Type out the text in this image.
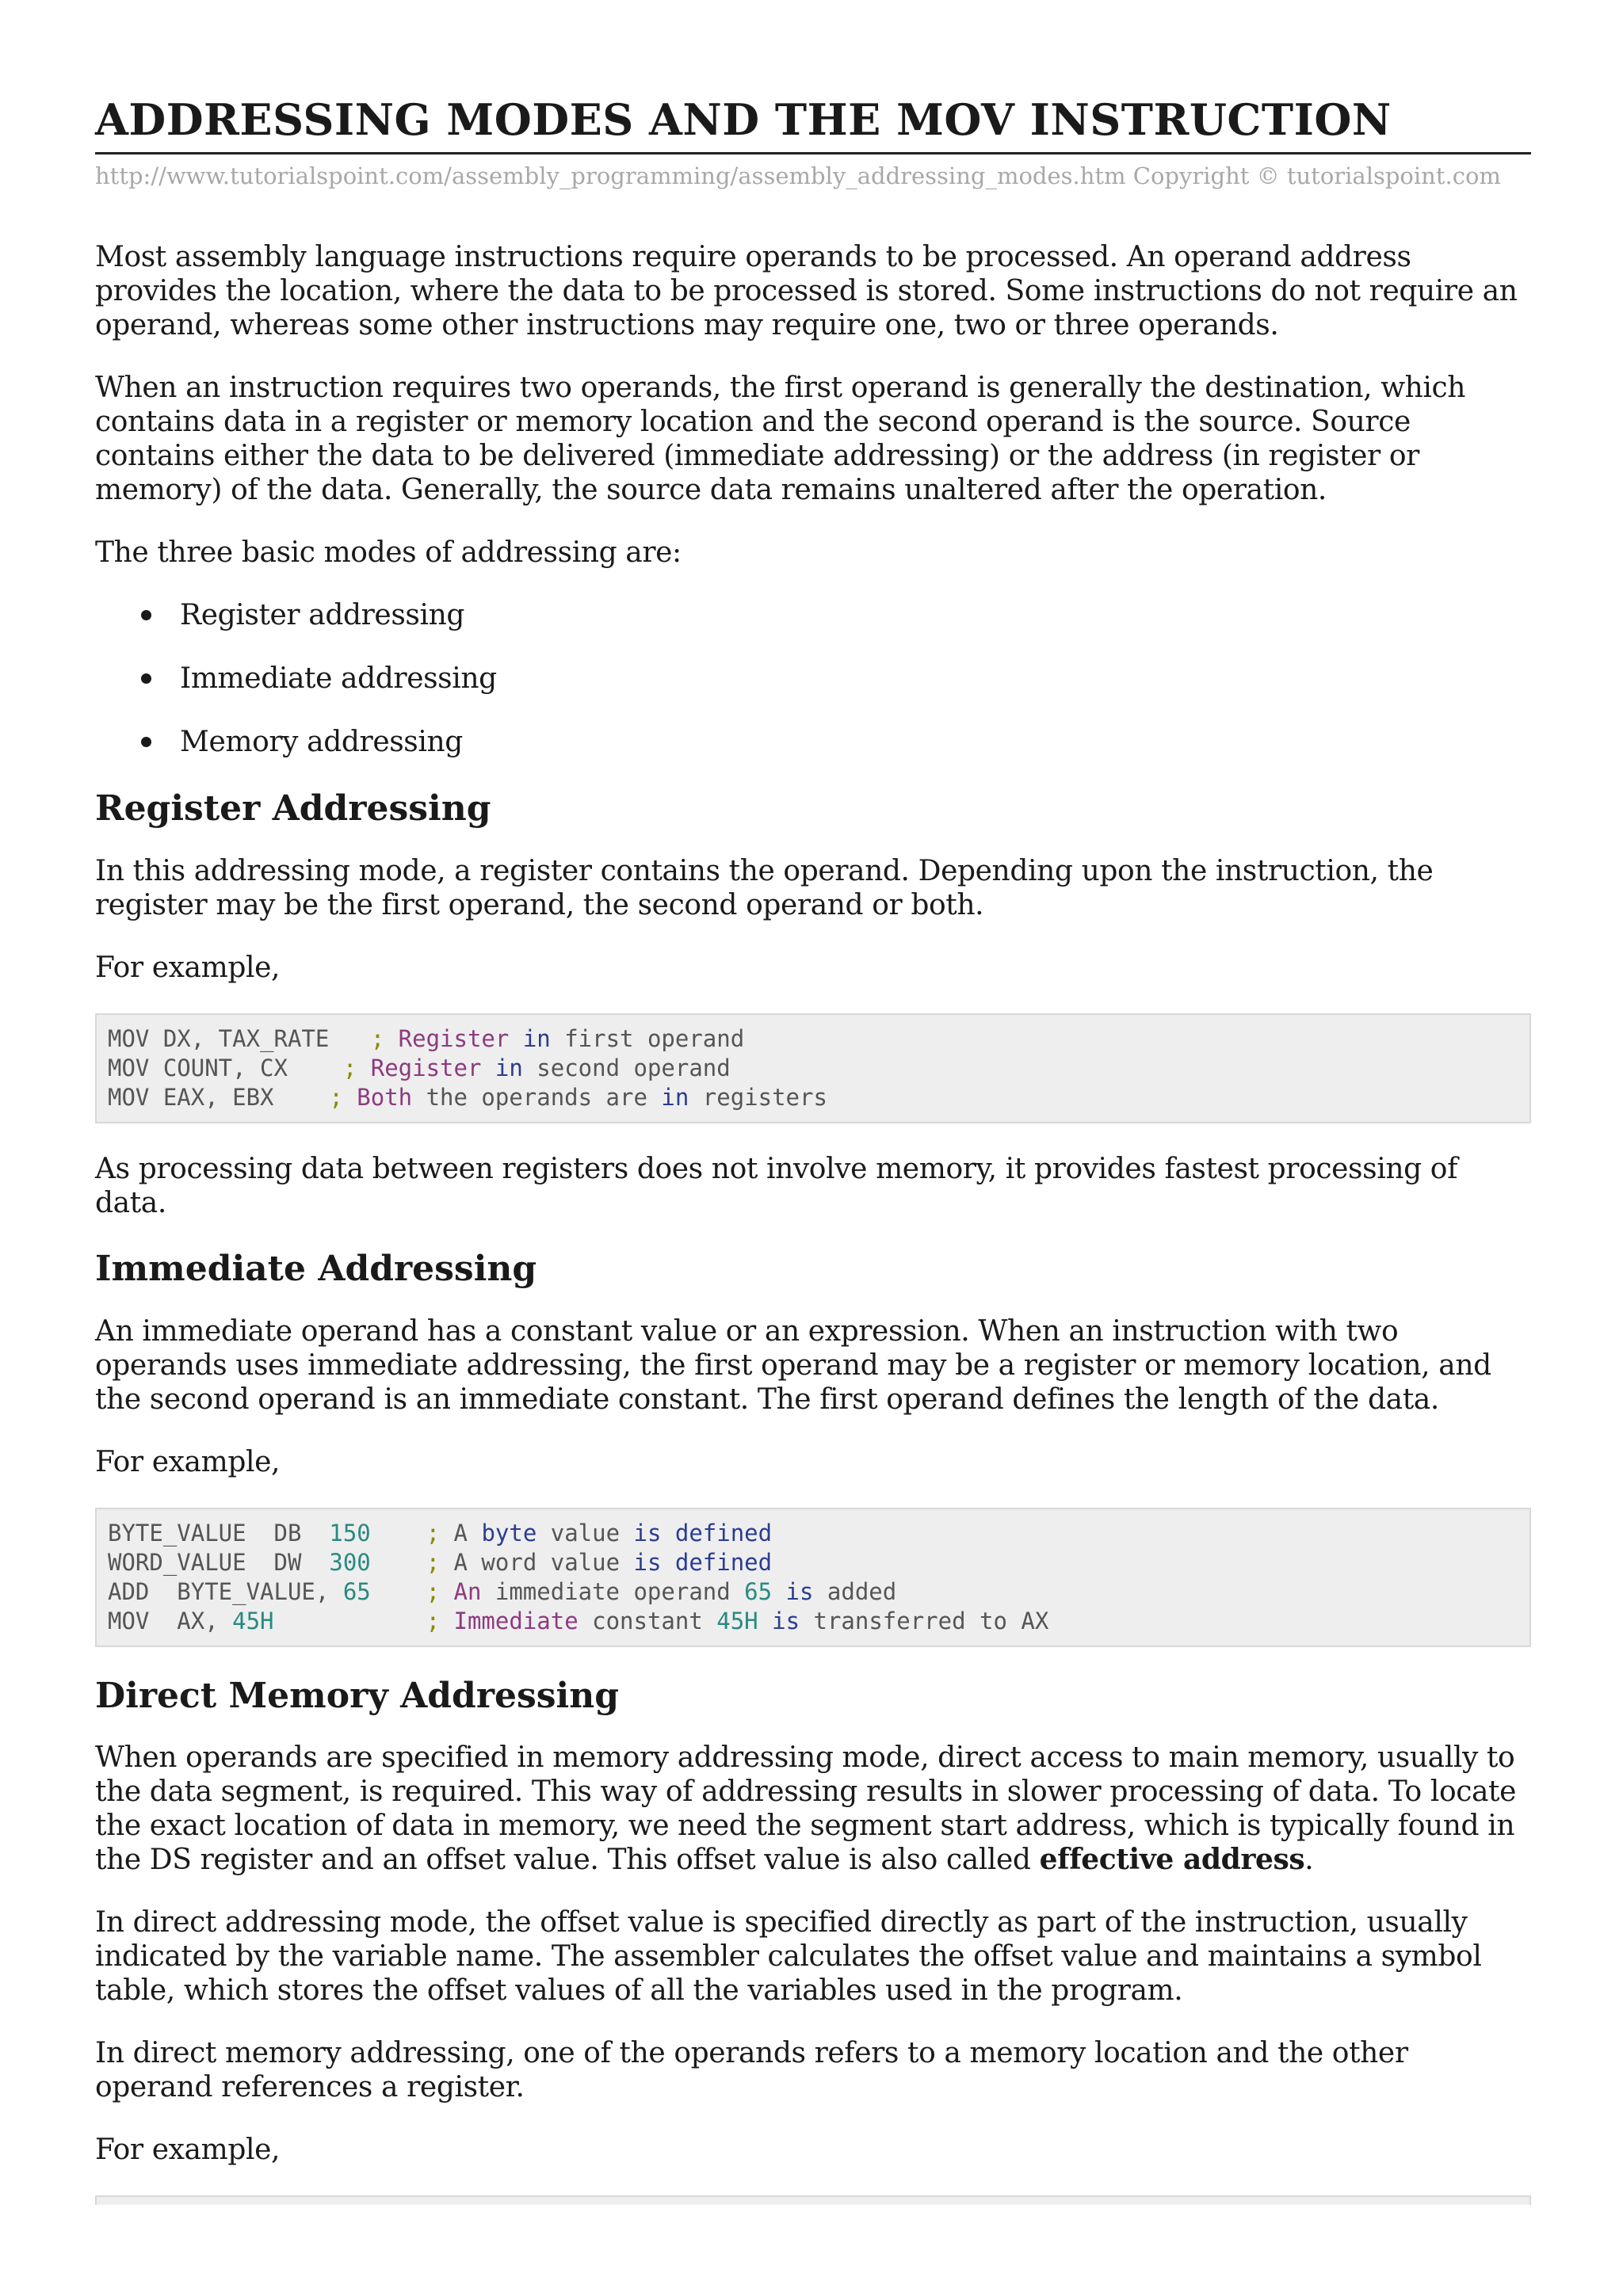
ADDRESSING MODES AND THE MOV INSTRUCTION
http://www.tutorialspoint.com/assembly_programming/assembly_addressing_modes.htm Copyright © tutorialspoint.com

Most assembly language instructions require operands to be processed. An operand address provides the location, where the data to be processed is stored. Some instructions do not require an operand, whereas some other instructions may require one, two or three operands.

When an instruction requires two operands, the first operand is generally the destination, which contains data in a register or memory location and the second operand is the source. Source contains either the data to be delivered (immediate addressing) or the address (in register or memory) of the data. Generally, the source data remains unaltered after the operation.

The three basic modes of addressing are:

Register addressing
Immediate addressing
Memory addressing
Register Addressing

In this addressing mode, a register contains the operand. Depending upon the instruction, the register may be the first operand, the second operand or both.

For example,

MOV DX, TAX_RATE   ; Register in first operand
MOV COUNT, CX    ; Register in second operand
MOV EAX, EBX    ; Both the operands are in registers

As processing data between registers does not involve memory, it provides fastest processing of data.

Immediate Addressing

An immediate operand has a constant value or an expression. When an instruction with two operands uses immediate addressing, the first operand may be a register or memory location, and the second operand is an immediate constant. The first operand defines the length of the data.

For example,

BYTE_VALUE  DB  150 ; A byte value is defined
WORD_VALUE  DW  300 ; A word value is defined
ADD  BYTE_VALUE, 65 ; An immediate operand 65 is added
MOV  AX, 45H	; Immediate constant 45H is transferred to AX
Direct Memory Addressing

When operands are specified in memory addressing mode, direct access to main memory, usually to the data segment, is required. This way of addressing results in slower processing of data. To locate the exact location of data in memory, we need the segment start address, which is typically found in the DS register and an offset value. This offset value is also called effective address.

In direct addressing mode, the offset value is specified directly as part of the instruction, usually indicated by the variable name. The assembler calculates the offset value and maintains a symbol table, which stores the offset values of all the variables used in the program.

In direct memory addressing, one of the operands refers to a memory location and the other operand references a register.

For example,
